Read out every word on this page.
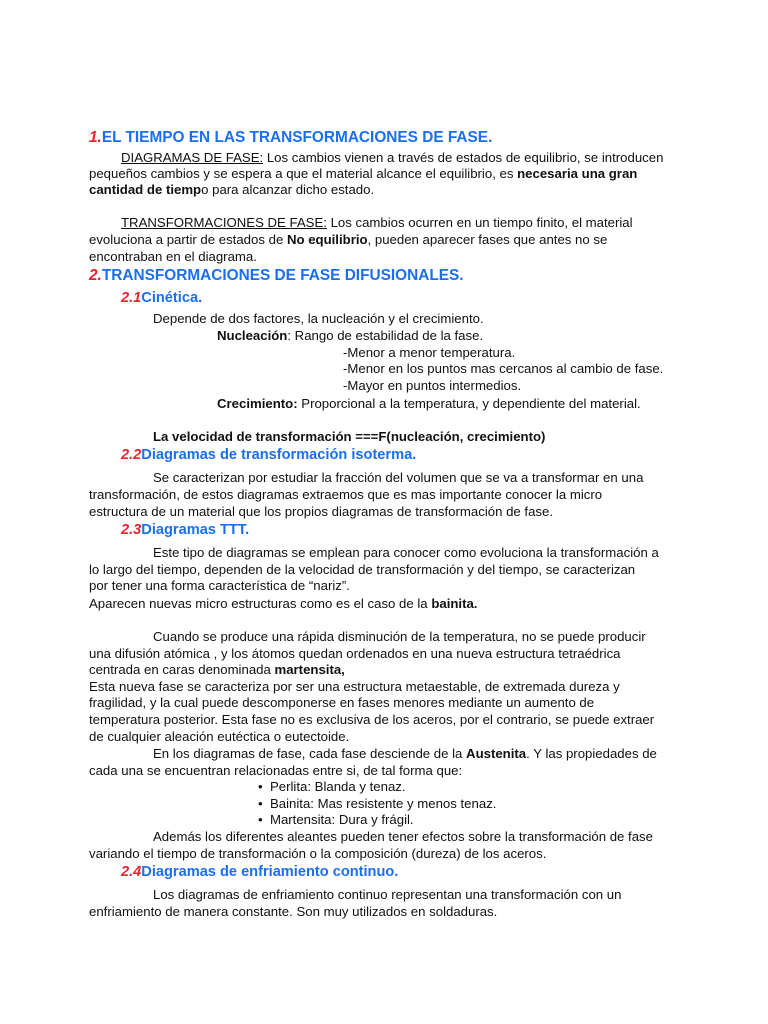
1.EL TIEMPO EN LAS TRANSFORMACIONES DE FASE.
DIAGRAMAS DE FASE: Los cambios vienen a través de estados de equilibrio, se introducen
pequeños cambios y se espera a que el material alcance el equilibrio, es necesaria una gran
cantidad de tiempo para alcanzar dicho estado.
TRANSFORMACIONES DE FASE: Los cambios ocurren en un tiempo finito, el material
evoluciona a partir de estados de No equilibrio, pueden aparecer fases que antes no se
encontraban en el diagrama.
2.TRANSFORMACIONES DE FASE DIFUSIONALES.
2.1Cinética.
Depende de dos factores, la nucleación y el crecimiento.
Nucleación: Rango de estabilidad de la fase.
-Menor a menor temperatura.
-Menor en los puntos mas cercanos al cambio de fase.
-Mayor en puntos intermedios.
Crecimiento: Proporcional a la temperatura, y dependiente del material.
La velocidad de transformación ===F(nucleación, crecimiento)
2.2Diagramas de transformación isoterma.
Se caracterizan por estudiar la fracción del volumen que se va a transformar en una
transformación, de estos diagramas extraemos que es mas importante conocer la micro
estructura de un material que los propios diagramas de transformación de fase.
2.3Diagramas TTT.
Este tipo de diagramas se emplean para conocer como evoluciona la transformación a
lo largo del tiempo, dependen de la velocidad de transformación y del tiempo, se caracterizan
por tener una forma característica de “nariz”.
Aparecen nuevas micro estructuras como es el caso de la bainita.
Cuando se produce una rápida disminución de la temperatura, no se puede producir
una difusión atómica , y los átomos quedan ordenados en una nueva estructura tetraédrica
centrada en caras denominada martensita,
Esta nueva fase se caracteriza por ser una estructura metaestable, de extremada dureza y
fragilidad, y la cual puede descomponerse en fases menores mediante un aumento de
temperatura posterior. Esta fase no es exclusiva de los aceros, por el contrario, se puede extraer
de cualquier aleación eutéctica o eutectoide.
En los diagramas de fase, cada fase desciende de la Austenita. Y las propiedades de
cada una se encuentran relacionadas entre si, de tal forma que:
• Perlita: Blanda y tenaz.
• Bainita: Mas resistente y menos tenaz.
• Martensita: Dura y frágil.
Además los diferentes aleantes pueden tener efectos sobre la transformación de fase
variando el tiempo de transformación o la composición (dureza) de los aceros.
2.4Diagramas de enfriamiento continuo.
Los diagramas de enfriamiento continuo representan una transformación con un
enfriamiento de manera constante. Son muy utilizados en soldaduras.
